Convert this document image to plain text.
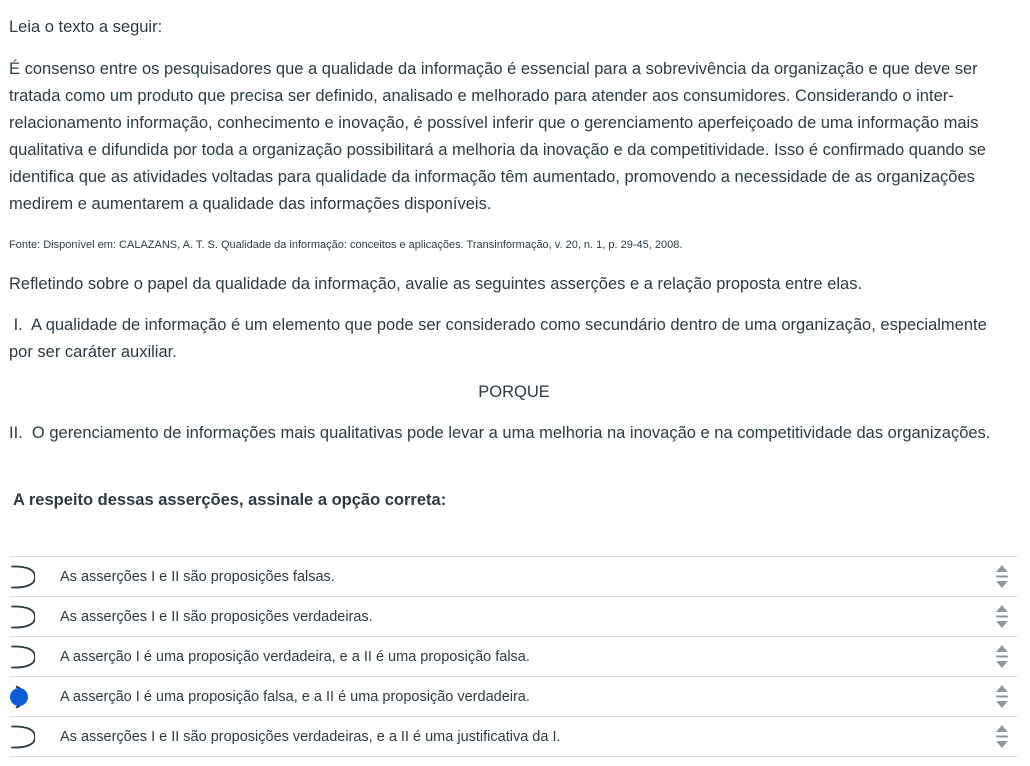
Leia o texto a seguir:

É consenso entre os pesquisadores que a qualidade da informação é essencial para a sobrevivência da organização e que deve ser tratada como um produto que precisa ser definido, analisado e melhorado para atender aos consumidores. Considerando o inter-relacionamento informação, conhecimento e inovação, é possível inferir que o gerenciamento aperfeiçoado de uma informação mais qualitativa e difundida por toda a organização possibilitará a melhoria da inovação e da competitividade. Isso é confirmado quando se identifica que as atividades voltadas para qualidade da informação têm aumentado, promovendo a necessidade de as organizações medirem e aumentarem a qualidade das informações disponíveis.

Fonte: Disponível em: CALAZANS, A. T. S. Qualidade da informação: conceitos e aplicações. Transinformação, v. 20, n. 1, p. 29-45, 2008.

Refletindo sobre o papel da qualidade da informação, avalie as seguintes asserções e a relação proposta entre elas.

I.  A qualidade de informação é um elemento que pode ser considerado como secundário dentro de uma organização, especialmente por ser caráter auxiliar.

PORQUE

II.  O gerenciamento de informações mais qualitativas pode levar a uma melhoria na inovação e na competitividade das organizações.

A respeito dessas asserções, assinale a opção correta:

As asserções I e II são proposições falsas.
As asserções I e II são proposições verdadeiras.
A asserção I é uma proposição verdadeira, e a II é uma proposição falsa.
A asserção I é uma proposição falsa, e a II é uma proposição verdadeira.
As asserções I e II são proposições verdadeiras, e a II é uma justificativa da I.
